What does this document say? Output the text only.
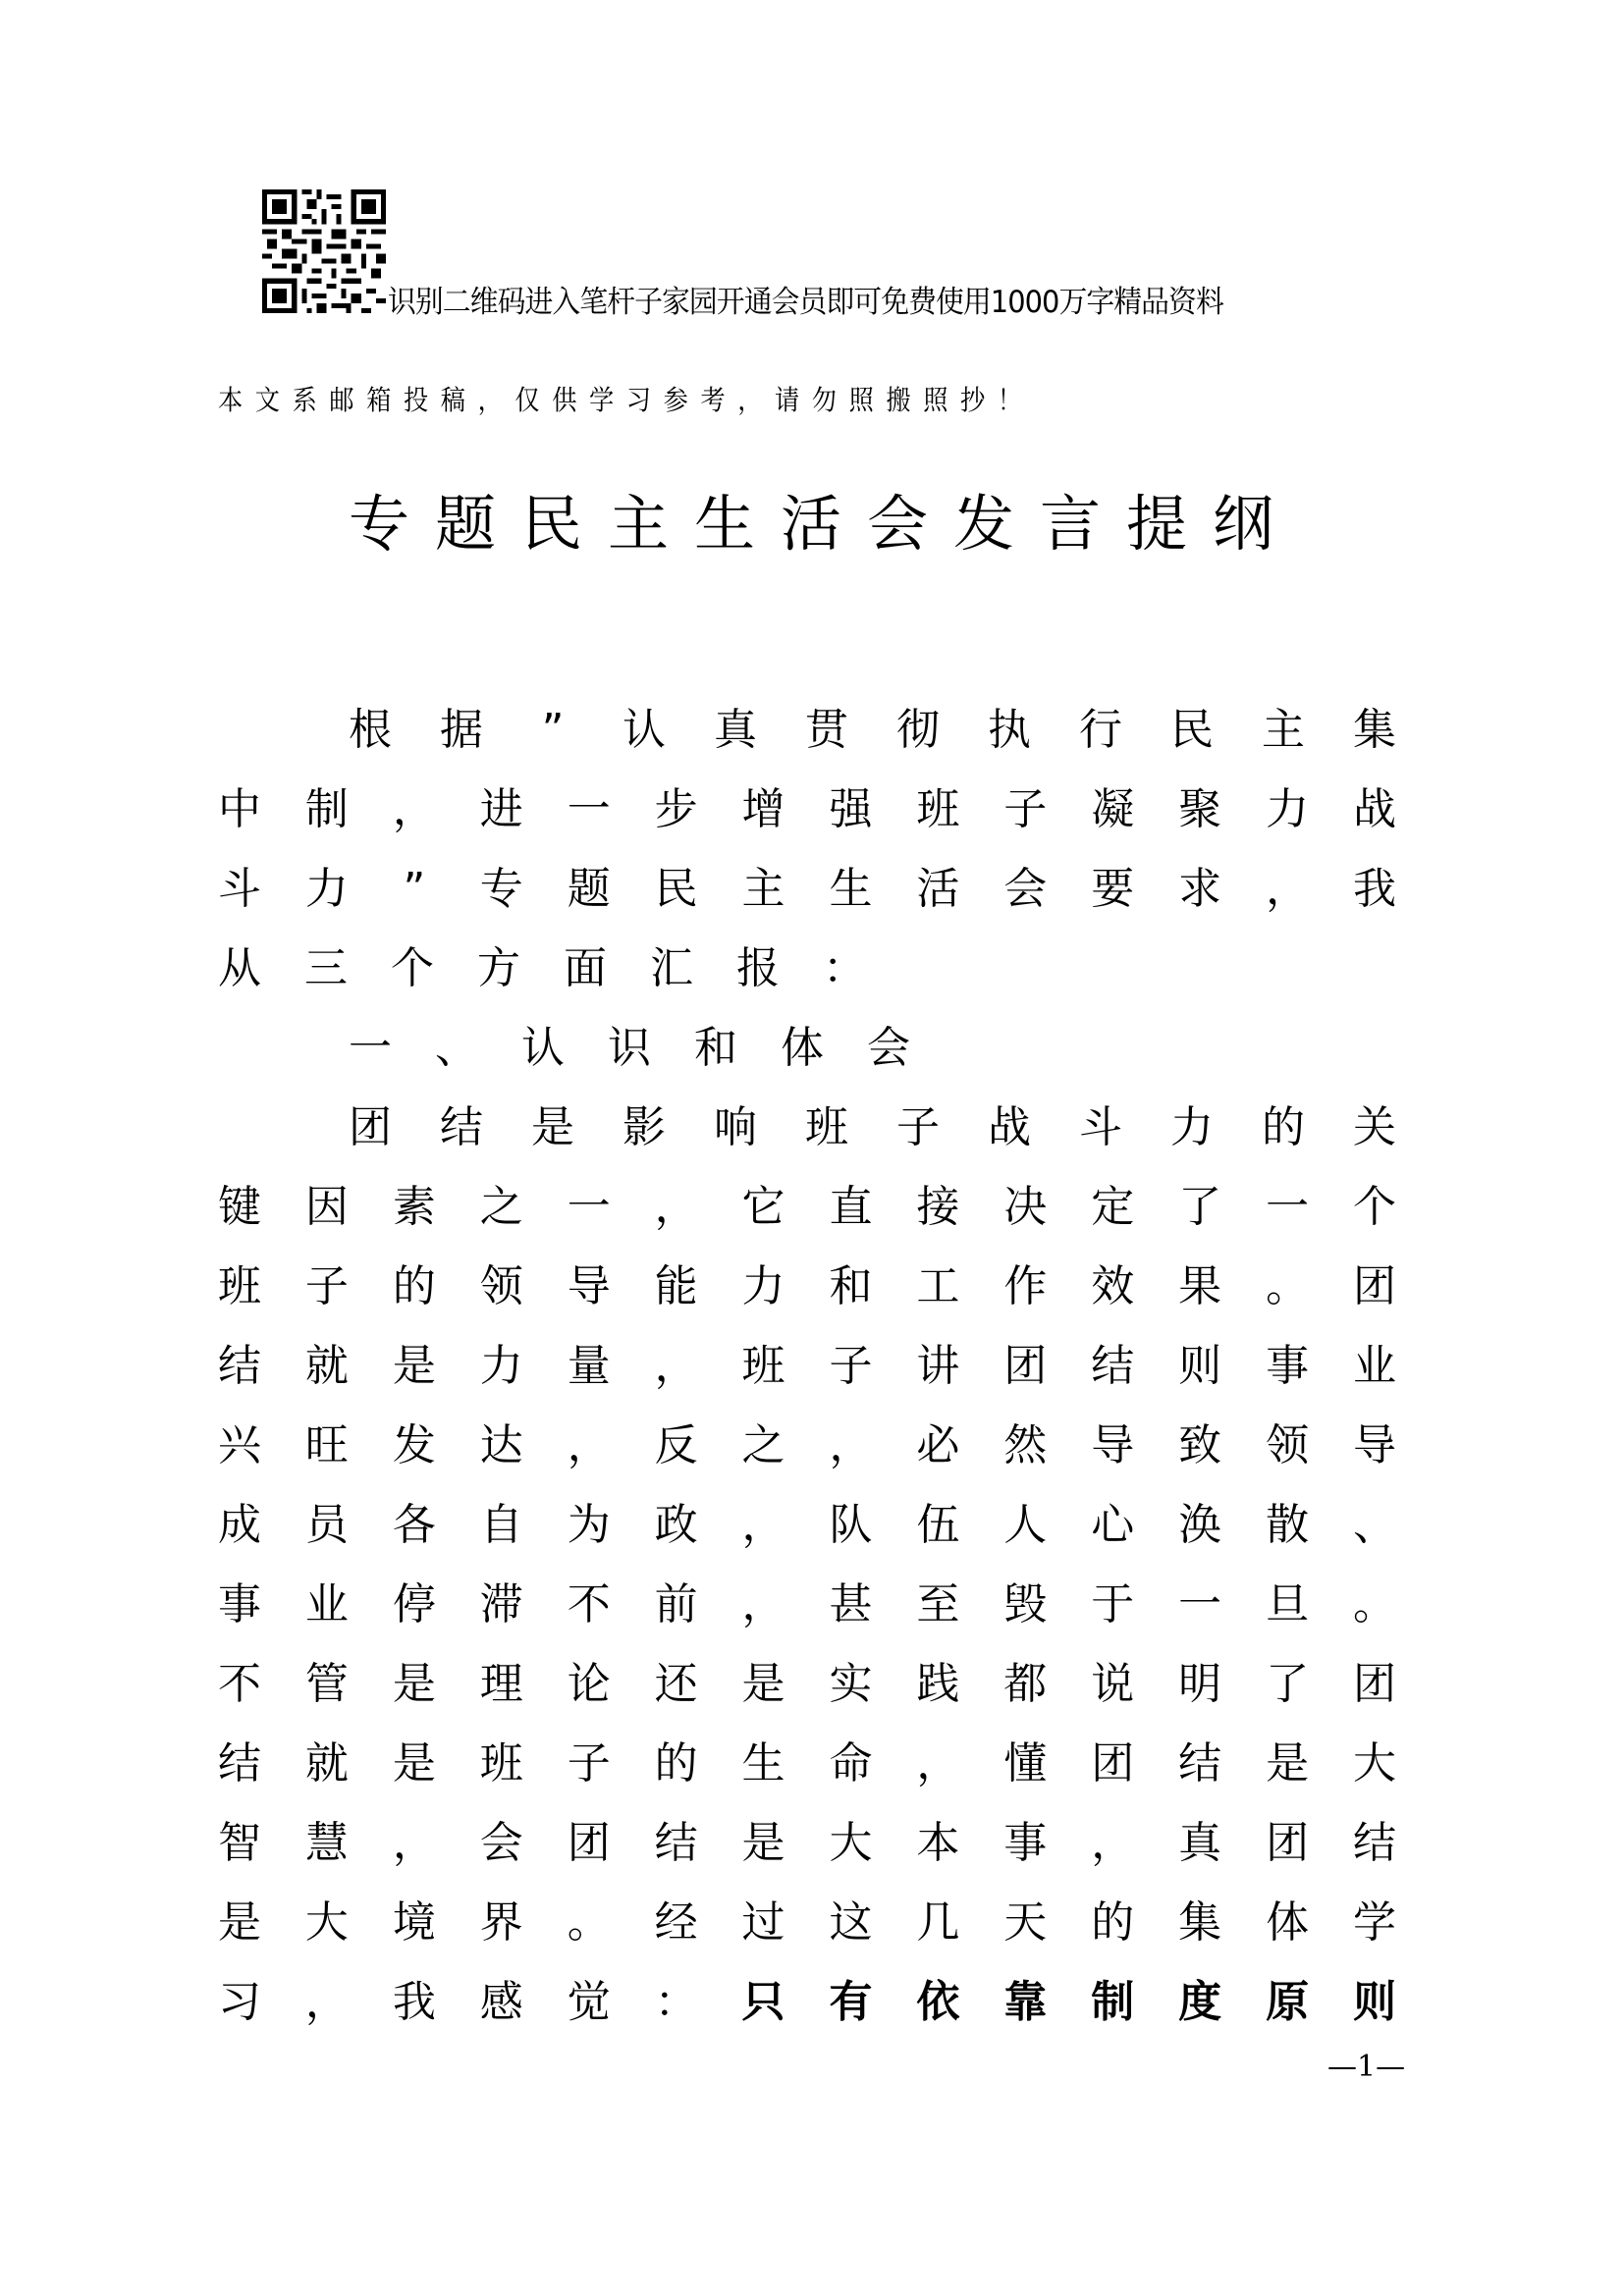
识别二维码进入笔杆子家园开通会员即可免费使用1000万字精品资料
本文系邮箱投稿，仅供学习参考，请勿照搬照抄！
专题民主生活会发言提纲
根 据 ” 认 真 贯 彻 执 行 民 主 集
中 制 ， 进 一 步 增 强 班 子 凝 聚 力 战
斗 力 ” 专 题 民 主 生 活 会 要 求 ， 我
从 三 个 方 面 汇 报 ：
一 、 认 识 和 体 会
团 结 是 影 响 班 子 战 斗 力 的 关
键 因 素 之 一 ， 它 直 接 决 定 了 一 个
班 子 的 领 导 能 力 和 工 作 效 果 。 团
结 就 是 力 量 ， 班 子 讲 团 结 则 事 业
兴 旺 发 达 ， 反 之 ， 必 然 导 致 领 导
成 员 各 自 为 政 ， 队 伍 人 心 涣 散 、
事 业 停 滞 不 前 ， 甚 至 毁 于 一 旦 。
不 管 是 理 论 还 是 实 践 都 说 明 了 团
结 就 是 班 子 的 生 命 ， 懂 团 结 是 大
智 慧 ， 会 团 结 是 大 本 事 ， 真 团 结
是 大 境 界 。 经 过 这 几 天 的 集 体 学
习 ， 我 感 觉 ： 只 有 依 靠 制 度 原 则
—1—
